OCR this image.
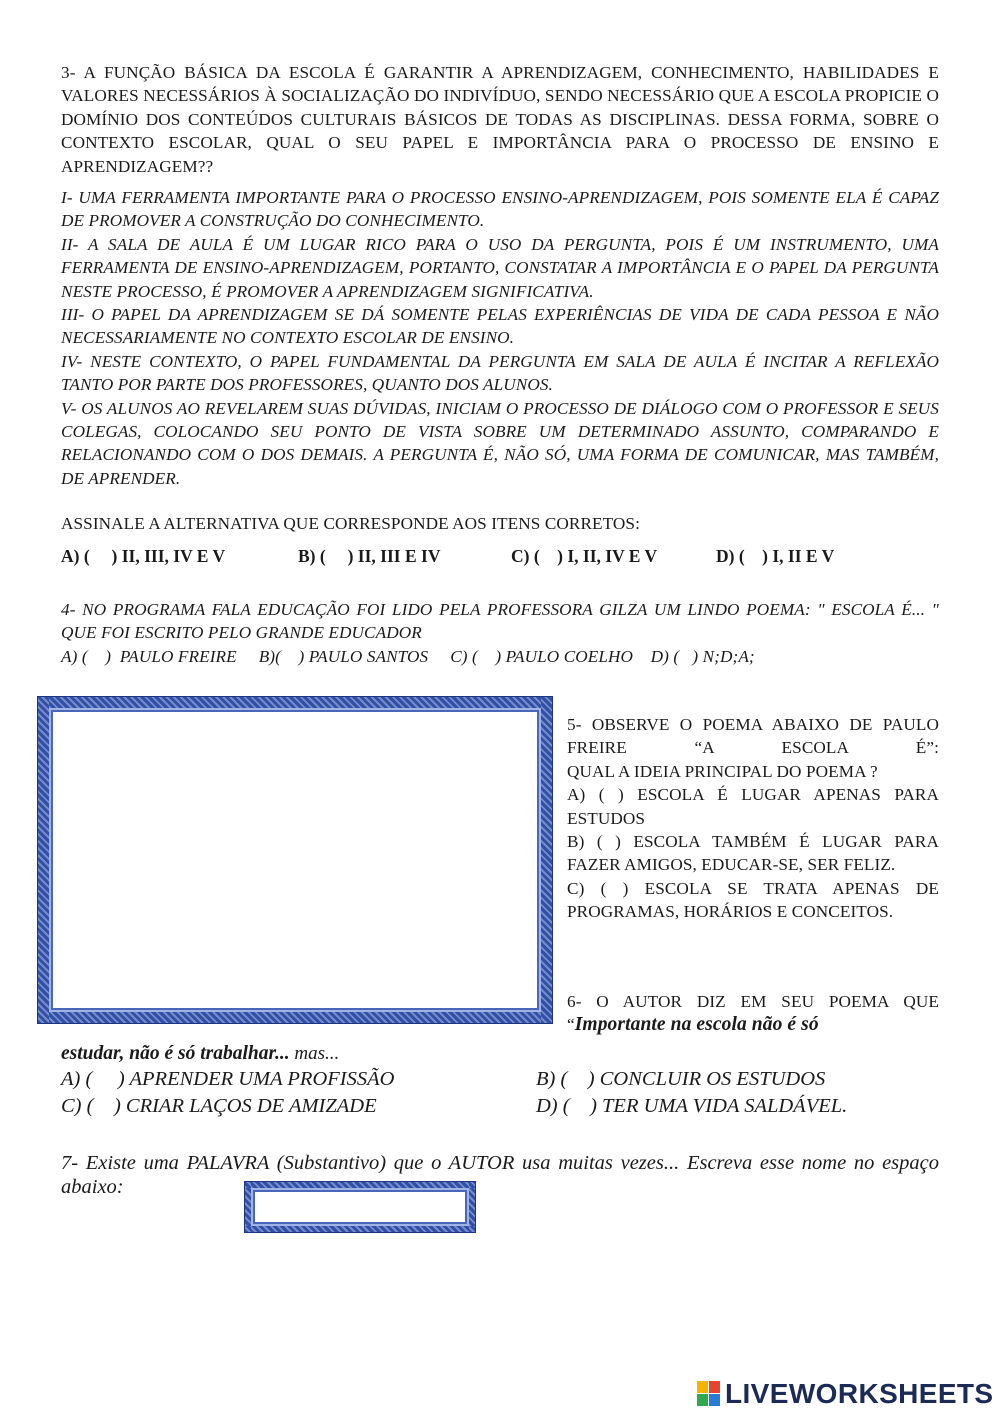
3- A FUNÇÃO BÁSICA DA ESCOLA É GARANTIR A APRENDIZAGEM, CONHECIMENTO, HABILIDADES E VALORES NECESSÁRIOS À SOCIALIZAÇÃO DO INDIVÍDUO, SENDO NECESSÁRIO QUE A ESCOLA PROPICIE O DOMÍNIO DOS CONTEÚDOS CULTURAIS BÁSICOS DE TODAS AS DISCIPLINAS. DESSA FORMA, SOBRE O CONTEXTO ESCOLAR, QUAL O SEU PAPEL E IMPORTÂNCIA PARA O PROCESSO DE ENSINO E APRENDIZAGEM??

I- UMA FERRAMENTA IMPORTANTE PARA O PROCESSO ENSINO-APRENDIZAGEM, POIS SOMENTE ELA É CAPAZ DE PROMOVER A CONSTRUÇÃO DO CONHECIMENTO.

II- A SALA DE AULA É UM LUGAR RICO PARA O USO DA PERGUNTA, POIS É UM INSTRUMENTO, UMA FERRAMENTA DE ENSINO-APRENDIZAGEM, PORTANTO, CONSTATAR A IMPORTÂNCIA E O PAPEL DA PERGUNTA NESTE PROCESSO, É PROMOVER A APRENDIZAGEM SIGNIFICATIVA.

III- O PAPEL DA APRENDIZAGEM SE DÁ SOMENTE PELAS EXPERIÊNCIAS DE VIDA DE CADA PESSOA E NÃO NECESSARIAMENTE NO CONTEXTO ESCOLAR DE ENSINO.

IV- NESTE CONTEXTO, O PAPEL FUNDAMENTAL DA PERGUNTA EM SALA DE AULA É INCITAR A REFLEXÃO TANTO POR PARTE DOS PROFESSORES, QUANTO DOS ALUNOS.

V- OS ALUNOS AO REVELAREM SUAS DÚVIDAS, INICIAM O PROCESSO DE DIÁLOGO COM O PROFESSOR E SEUS COLEGAS, COLOCANDO SEU PONTO DE VISTA SOBRE UM DETERMINADO ASSUNTO, COMPARANDO E RELACIONANDO COM O DOS DEMAIS. A PERGUNTA É, NÃO SÓ, UMA FORMA DE COMUNICAR, MAS TAMBÉM, DE APRENDER.

ASSINALE A ALTERNATIVA QUE CORRESPONDE AOS ITENS CORRETOS:
A) (     ) II, III, IV E V	B) (     ) II, III E IV	C) (    ) I, II, IV E V	D) (    ) I, II E V

4- NO PROGRAMA FALA EDUCAÇÃO FOI LIDO PELA PROFESSORA GILZA UM LINDO POEMA: " ESCOLA É... " QUE FOI ESCRITO PELO GRANDE EDUCADOR

A) (    )  PAULO FREIRE     B)(    ) PAULO SANTOS     C) (    ) PAULO COELHO    D) (   ) N;D;A;

5- OBSERVE O POEMA ABAIXO DE PAULO FREIRE “A ESCOLA É”:

QUAL A IDEIA PRINCIPAL DO POEMA ?

A) ( ) ESCOLA É LUGAR APENAS PARA ESTUDOS

B) ( ) ESCOLA TAMBÉM É LUGAR PARA FAZER AMIGOS, EDUCAR-SE, SER FELIZ.

C) ( ) ESCOLA SE TRATA APENAS DE PROGRAMAS, HORÁRIOS E CONCEITOS.

6- O AUTOR DIZ EM SEU POEMA QUE “Importante na escola não é só
estudar, não é só trabalhar... mas...
A) (     ) APRENDER UMA PROFISSÃO	B) (    ) CONCLUIR OS ESTUDOS
C) (    ) CRIAR LAÇOS DE AMIZADE	D) (    ) TER UMA VIDA SALDÁVEL.
7- Existe uma PALAVRA (Substantivo) que o AUTOR usa muitas vezes... Escreva esse nome no espaço abaixo:
LIVEWORKSHEETS
